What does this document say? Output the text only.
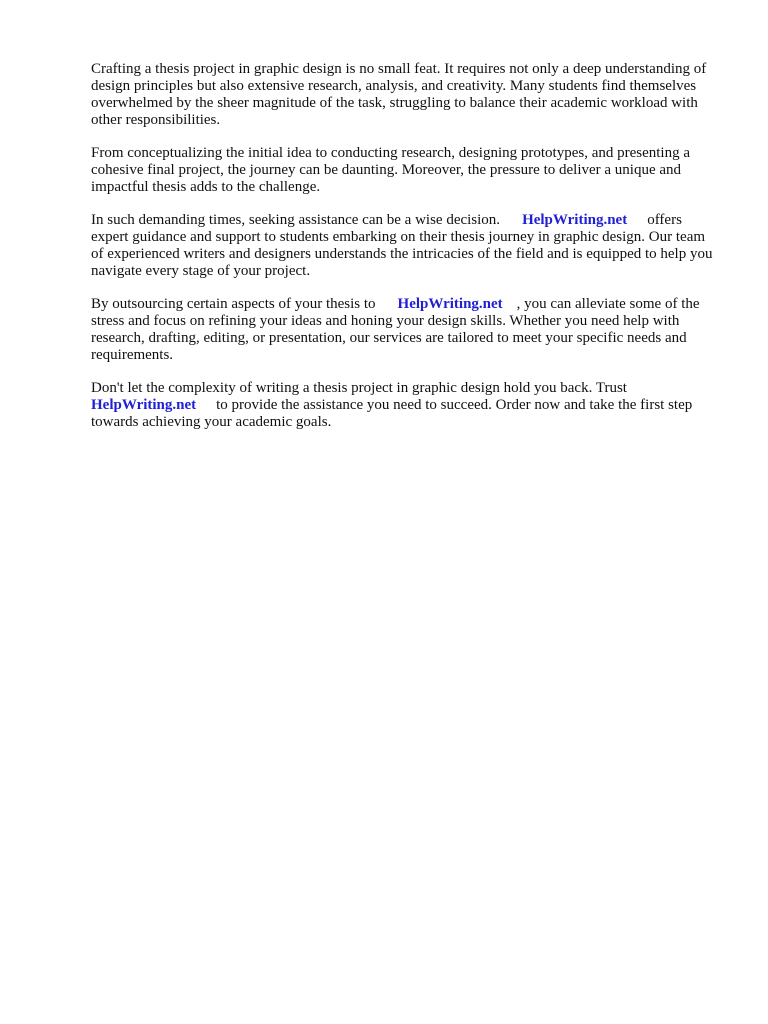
Crafting a thesis project in graphic design is no small feat. It requires not only a deep understanding of design principles but also extensive research, analysis, and creativity. Many students find themselves overwhelmed by the sheer magnitude of the task, struggling to balance their academic workload with other responsibilities.

From conceptualizing the initial idea to conducting research, designing prototypes, and presenting a cohesive final project, the journey can be daunting. Moreover, the pressure to deliver a unique and impactful thesis adds to the challenge.

In such demanding times, seeking assistance can be a wise decision. HelpWriting.net offers expert guidance and support to students embarking on their thesis journey in graphic design. Our team of experienced writers and designers understands the intricacies of the field and is equipped to help you navigate every stage of your project.

By outsourcing certain aspects of your thesis to HelpWriting.net , you can alleviate some of the stress and focus on refining your ideas and honing your design skills. Whether you need help with research, drafting, editing, or presentation, our services are tailored to meet your specific needs and requirements.

Don't let the complexity of writing a thesis project in graphic design hold you back. Trust HelpWriting.net to provide the assistance you need to succeed. Order now and take the first step towards achieving your academic goals.
